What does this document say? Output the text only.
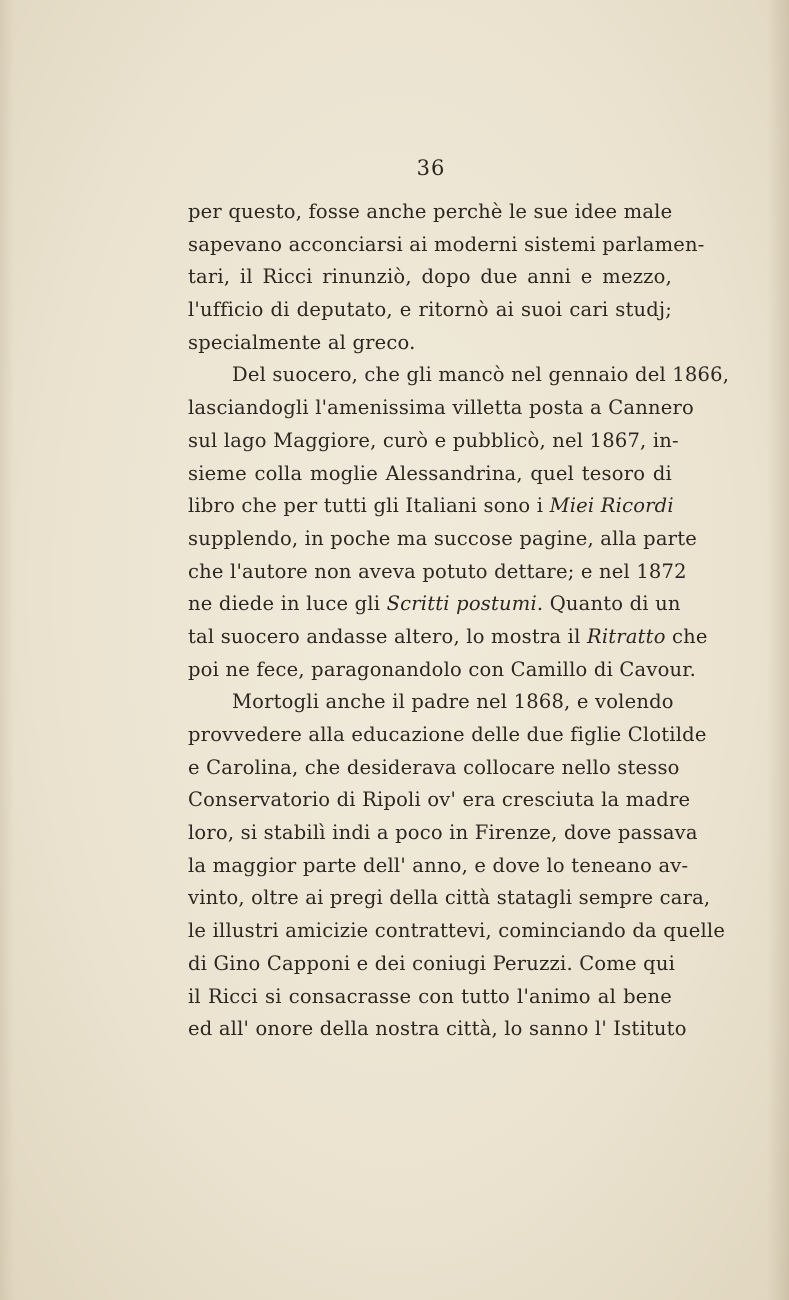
36
per questo, fosse anche perchè le sue idee male
sapevano acconciarsi ai moderni sistemi parlamen-
tari, il Ricci rinunziò, dopo due anni e mezzo,
l'ufficio di deputato, e ritornò ai suoi cari studj;
specialmente al greco.
Del suocero, che gli mancò nel gennaio del 1866,
lasciandogli l'amenissima villetta posta a Cannero
sul lago Maggiore, curò e pubblicò, nel 1867, in-
sieme colla moglie Alessandrina, quel tesoro di
libro che per tutti gli Italiani sono i Miei Ricordi
supplendo, in poche ma succose pagine, alla parte
che l'autore non aveva potuto dettare; e nel 1872
ne diede in luce gli Scritti postumi. Quanto di un
tal suocero andasse altero, lo mostra il Ritratto che
poi ne fece, paragonandolo con Camillo di Cavour.
Mortogli anche il padre nel 1868, e volendo
provvedere alla educazione delle due figlie Clotilde
e Carolina, che desiderava collocare nello stesso
Conservatorio di Ripoli ov' era cresciuta la madre
loro, si stabilì indi a poco in Firenze, dove passava
la maggior parte dell' anno, e dove lo teneano av-
vinto, oltre ai pregi della città statagli sempre cara,
le illustri amicizie contrattevi, cominciando da quelle
di Gino Capponi e dei coniugi Peruzzi. Come qui
il Ricci si consacrasse con tutto l'animo al bene
ed all' onore della nostra città, lo sanno l' Istituto
